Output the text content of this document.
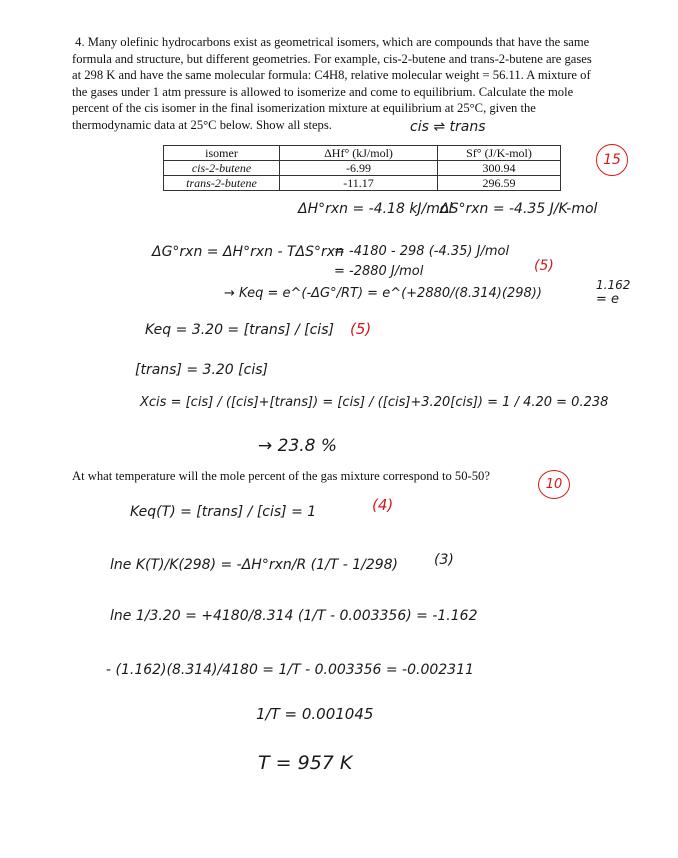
4. Many olefinic hydrocarbons exist as geometrical isomers, which are compounds that have the same
formula and structure, but different geometries. For example, cis-2-butene and trans-2-butene are gases
at 298 K and have the same molecular formula: C4H8, relative molecular weight = 56.11. A mixture of
the gases under 1 atm pressure is allowed to isomerize and come to equilibrium. Calculate the mole
percent of the cis isomer in the final isomerization mixture at equilibrium at 25°C, given the
thermodynamic data at 25°C below. Show all steps.	cis ⇌ trans
15
isomer	ΔHf° (kJ/mol)	Sf° (J/K-mol)
cis-2-butene	-6.99	300.94
trans-2-butene	-11.17	296.59
ΔH°rxn = -4.18 kJ/mol
ΔS°rxn = -4.35 J/K-mol
ΔG°rxn = ΔH°rxn - TΔS°rxn
= -4180 - 298 (-4.35) J/mol
= -2880 J/mol	(5)
→ Keq = e^(-ΔG°/RT) = e^(+2880/(8.314)(298))
1.162
= e
Keq = 3.20 = [trans] / [cis] (5)
[trans] = 3.20 [cis]
Xcis = [cis] / ([cis]+[trans]) = [cis] / ([cis]+3.20[cis]) = 1 / 4.20 = 0.238
→ 23.8 %
At what temperature will the mole percent of the gas mixture correspond to 50-50?
10
Keq(T) = [trans] / [cis] = 1	(4)
lne K(T)/K(298) = -ΔH°rxn/R (1/T - 1/298)	(3)
lne 1/3.20 = +4180/8.314 (1/T - 0.003356) = -1.162
- (1.162)(8.314)/4180 = 1/T - 0.003356 = -0.002311
1/T = 0.001045
T = 957 K
